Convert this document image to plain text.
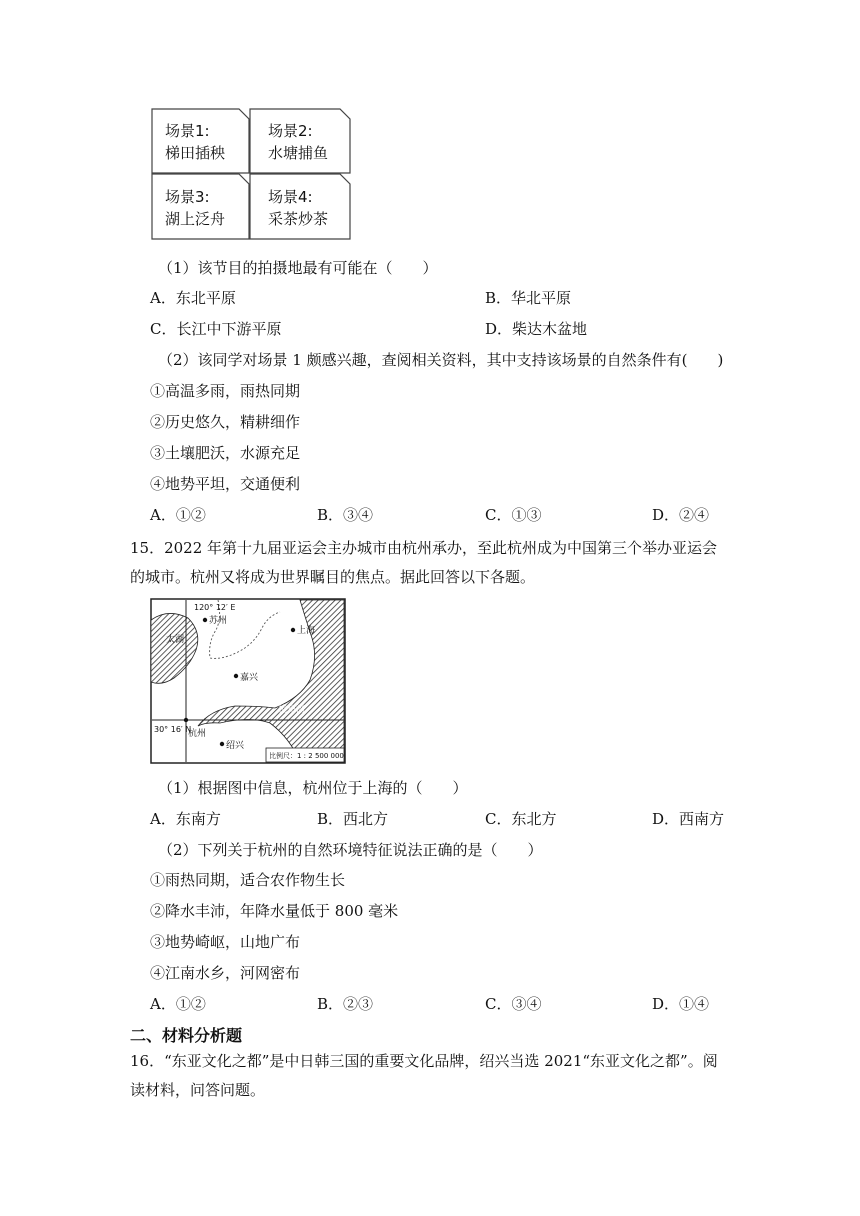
场景1:
梯田插秧
场景2:
水塘捕鱼
场景3:
湖上泛舟
场景4:
采茶炒茶
（1）该节目的拍摄地最有可能在（　　）
A．东北平原	B．华北平原
C．长江中下游平原	D．柴达木盆地
（2）该同学对场景 1 颇感兴趣，查阅相关资料，其中支持该场景的自然条件有(　　)
①高温多雨，雨热同期
②历史悠久，精耕细作
③土壤肥沃，水源充足
④地势平坦，交通便利
A．①②	B．③④	C．①③	D．②④
15．2022 年第十九届亚运会主办城市由杭州承办，至此杭州成为中国第三个举办亚运会
的城市。杭州又将成为世界瞩目的焦点。据此回答以下各题。
120° 12′ E
30° 16′ N
太湖
杭州湾
苏州
上海
嘉兴
杭州
绍兴
比例尺：1 : 2 500 000
（1）根据图中信息，杭州位于上海的（　　）
A．东南方	B．西北方	C．东北方	D．西南方
（2）下列关于杭州的自然环境特征说法正确的是（　　）
①雨热同期，适合农作物生长
②降水丰沛，年降水量低于 800 毫米
③地势崎岖，山地广布
④江南水乡，河网密布
A．①②	B．②③	C．③④	D．①④
二、材料分析题
16．“东亚文化之都”是中日韩三国的重要文化品牌，绍兴当选 2021“东亚文化之都”。阅
读材料，问答问题。
